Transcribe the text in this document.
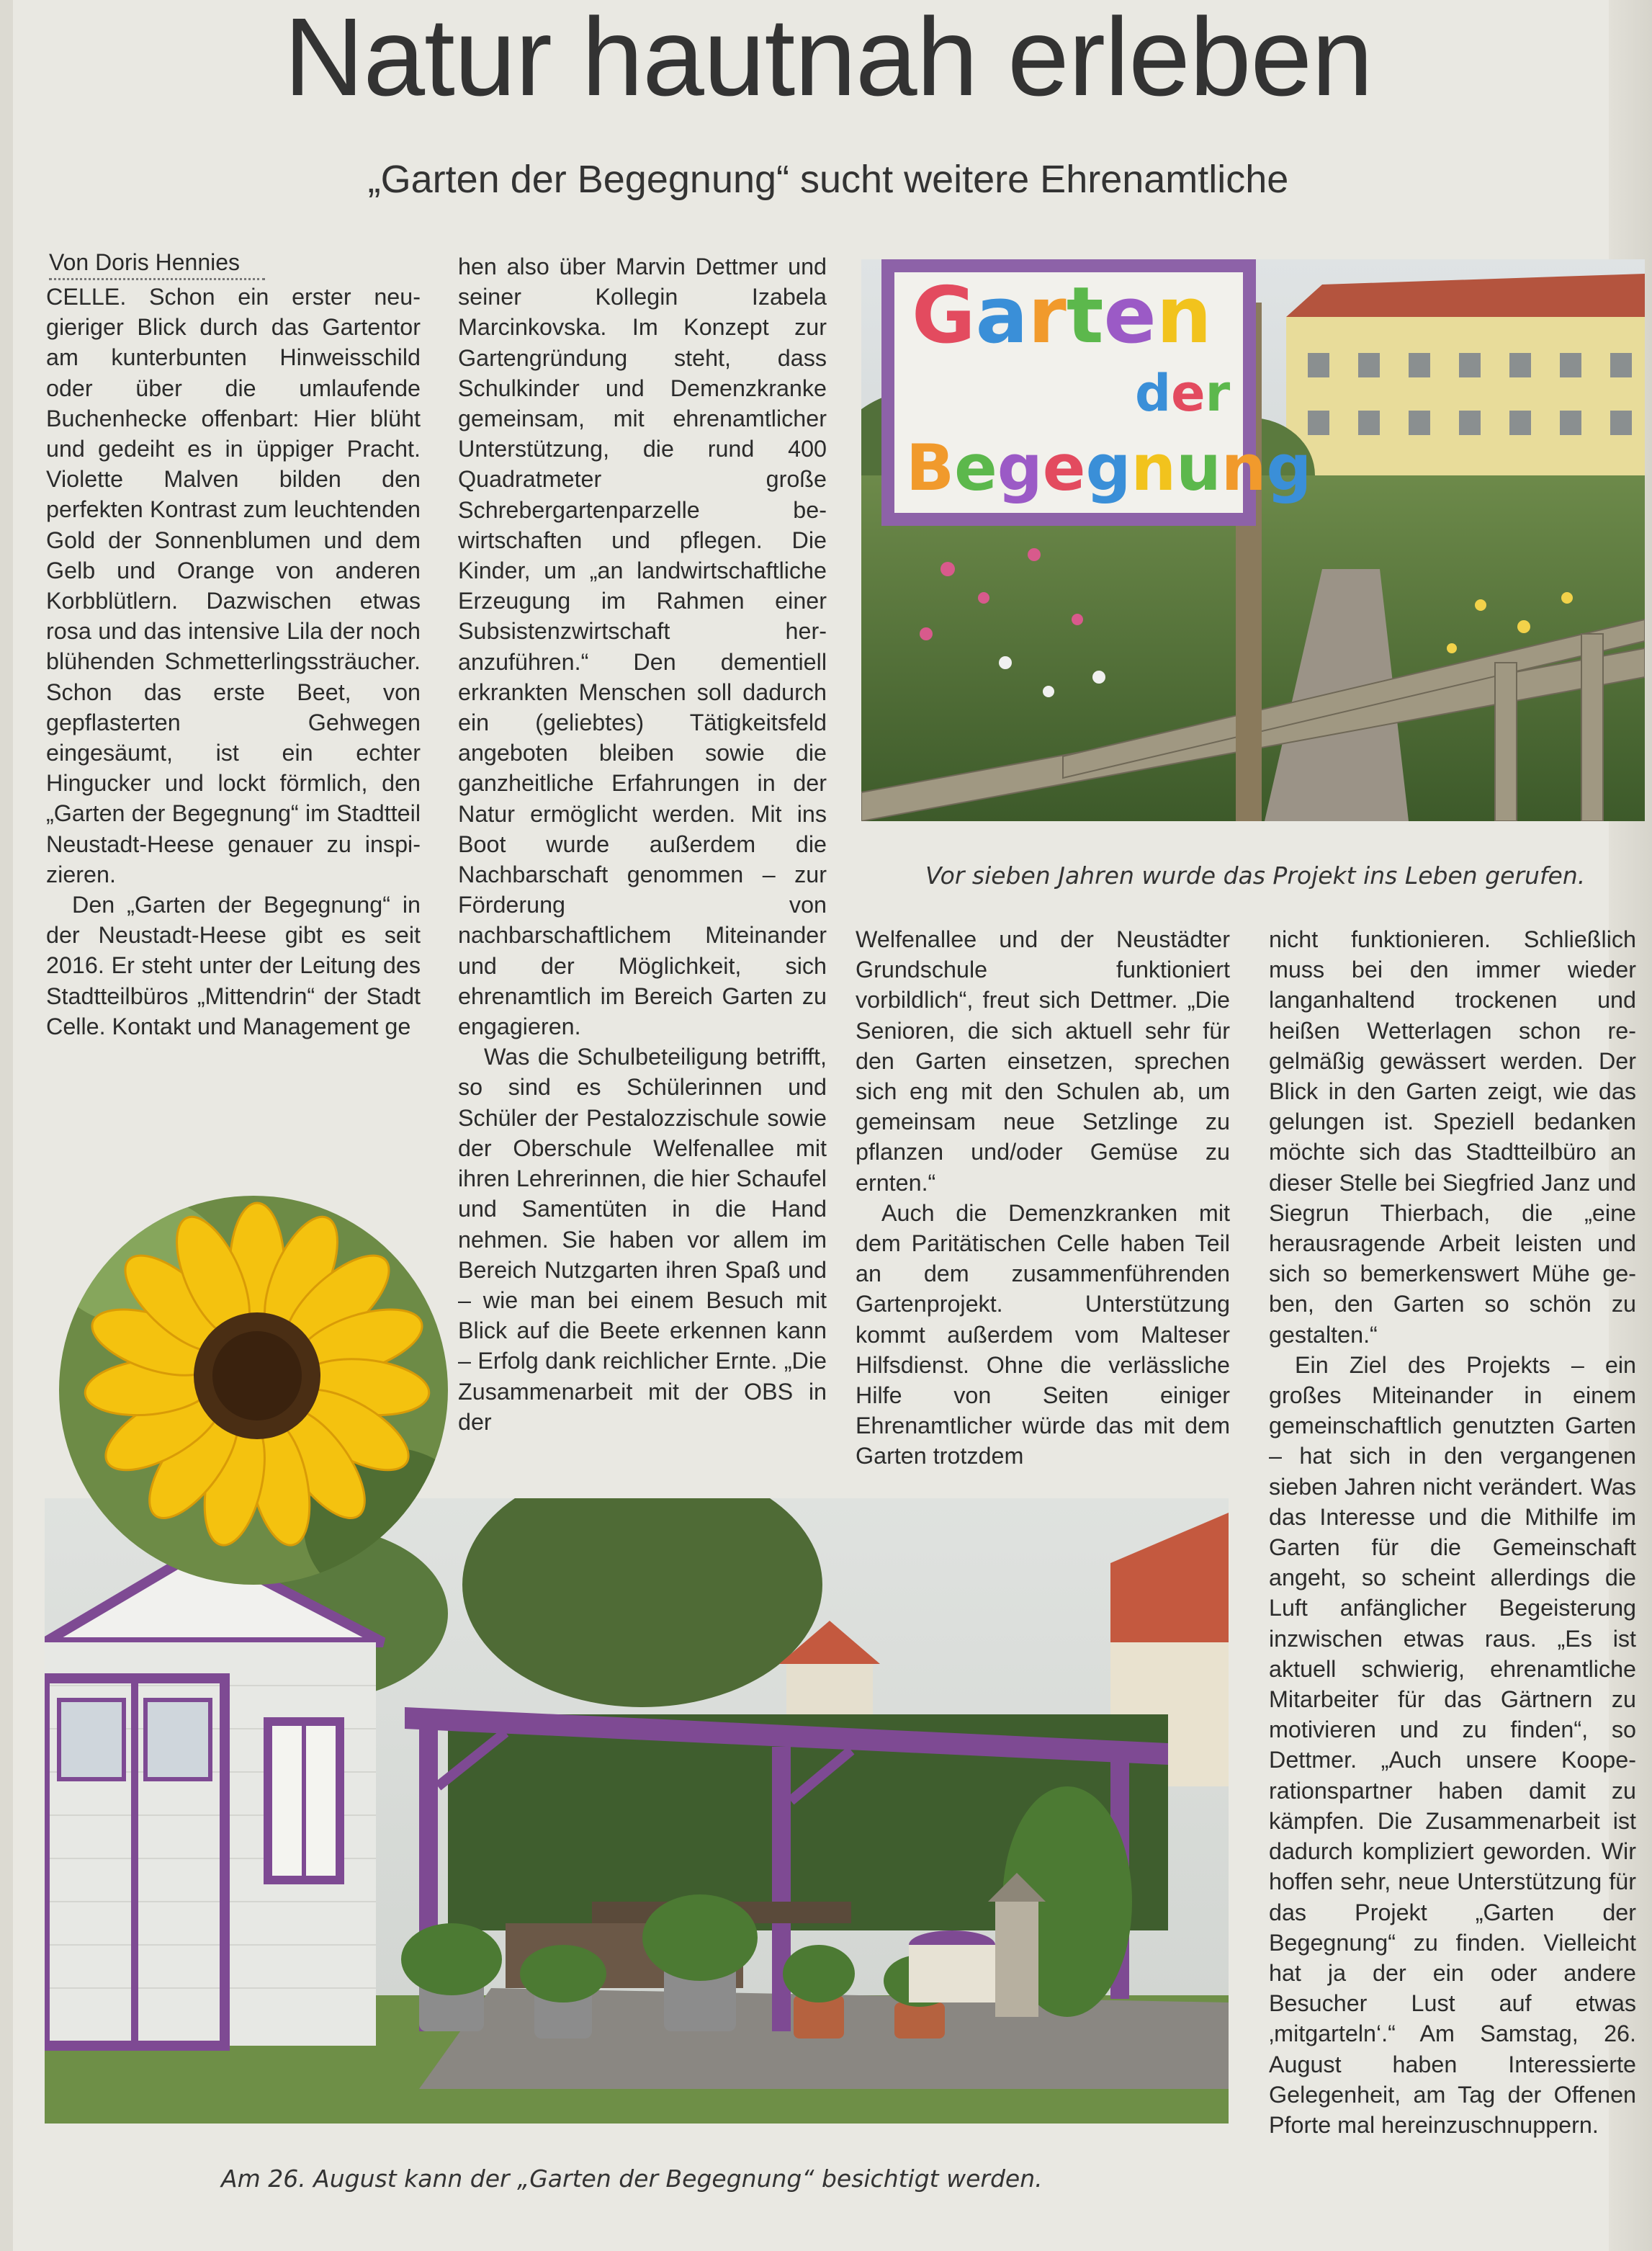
Natur hautnah erleben
„Garten der Begegnung“ sucht weitere Ehrenamtliche
Von Doris Hennies

CELLE. Schon ein erster neugieriger Blick durch das Gartentor am kunterbunten Hinweisschild oder über die umlaufende Buchenhecke offenbart: Hier blüht und gedeiht es in üppiger Pracht. Violette Malven bilden den perfekten Kontrast zum leuchtenden Gold der Sonnenblumen und dem Gelb und Orange von anderen Korbblütlern. Dazwischen etwas rosa und das intensive Lila der noch blühenden Schmetterlingssträucher. Schon das erste Beet, von gepflasterten Gehwegen eingesäumt, ist ein echter Hingucker und lockt förmlich, den „Garten der Begegnung“ im Stadtteil Neustadt-Heese genauer zu inspizieren.

Den „Garten der Begegnung“ in der Neustadt-Heese gibt es seit 2016. Er steht unter der Leitung des Stadtteilbüros „Mittendrin“ der Stadt Celle. Kontakt und Management ge

hen also über Marvin Dettmer und seiner Kollegin Izabela Marcinkovska. Im Konzept zur Gartengründung steht, dass Schulkinder und Demenzkranke gemeinsam, mit ehrenamtlicher Unterstützung, die rund 400 Quadratmeter große Schrebergartenparzelle bewirtschaften und pflegen. Die Kinder, um „an landwirtschaftliche Erzeugung im Rahmen einer Subsistenzwirtschaft heranzuführen.“ Den dementiell erkrankten Menschen soll dadurch ein (geliebtes) Tätigkeitsfeld angeboten bleiben sowie die ganzheitliche Erfahrungen in der Natur ermöglicht werden. Mit ins Boot wurde außerdem die Nachbarschaft genommen – zur Förderung von nachbarschaftlichem Miteinander und der Möglichkeit, sich ehrenamtlich im Bereich Garten zu engagieren.

Was die Schulbeteiligung betrifft, so sind es Schülerinnen und Schüler der Pestalozzischule sowie der Oberschule Welfenallee mit ihren Lehrerinnen, die hier Schaufel und Samentüten in die Hand nehmen. Sie haben vor allem im Bereich Nutzgarten ihren Spaß und – wie man bei einem Besuch mit Blick auf die Beete erkennen kann – Erfolg dank reichlicher Ernte. „Die Zusammenarbeit mit der OBS in der

Welfenallee und der Neustädter Grundschule funktioniert vorbildlich“, freut sich Dettmer. „Die Senioren, die sich aktuell sehr für den Garten einsetzen, sprechen sich eng mit den Schulen ab, um gemeinsam neue Setzlinge zu pflanzen und/oder Gemüse zu ernten.“

Auch die Demenzkranken mit dem Paritätischen Celle haben Teil an dem zusammenführenden Gartenprojekt. Unterstützung kommt außerdem vom Malteser Hilfsdienst. Ohne die verlässliche Hilfe von Seiten einiger Ehrenamtlicher würde das mit dem Garten trotzdem

nicht funktionieren. Schließlich muss bei den immer wieder langanhaltend trockenen und heißen Wetterlagen schon regelmäßig gewässert werden. Der Blick in den Garten zeigt, wie das gelungen ist. Speziell bedanken möchte sich das Stadtteilbüro an dieser Stelle bei Siegfried Janz und Siegrun Thierbach, die „eine herausragende Arbeit leisten und sich so bemerkenswert Mühe geben, den Garten so schön zu gestalten.“

Ein Ziel des Projekts – ein großes Miteinander in einem gemeinschaftlich genutzten Garten – hat sich in den vergangenen sieben Jahren nicht verändert. Was das Interesse und die Mithilfe im Garten für die Gemeinschaft angeht, so scheint allerdings die Luft anfänglicher Begeisterung inzwischen etwas raus. „Es ist aktuell schwierig, ehrenamtliche Mitarbeiter für das Gärtnern zu motivieren und zu finden“, so Dettmer. „Auch unsere Kooperationspartner haben damit zu kämpfen. Die Zusammenarbeit ist dadurch kompliziert geworden. Wir hoffen sehr, neue Unterstützung für das Projekt „Garten der Begegnung“ zu finden. Vielleicht hat ja der ein oder andere Besucher Lust auf etwas ‚mitgarteln‘.“ Am Samstag, 26. August haben Interessierte Gelegenheit, am Tag der Offenen Pforte mal hereinzuschnuppern.

Garten
der
Begegnung

Vor sieben Jahren wurde das Projekt ins Leben gerufen.

Am 26. August kann der „Garten der Begegnung“ besichtigt werden.
